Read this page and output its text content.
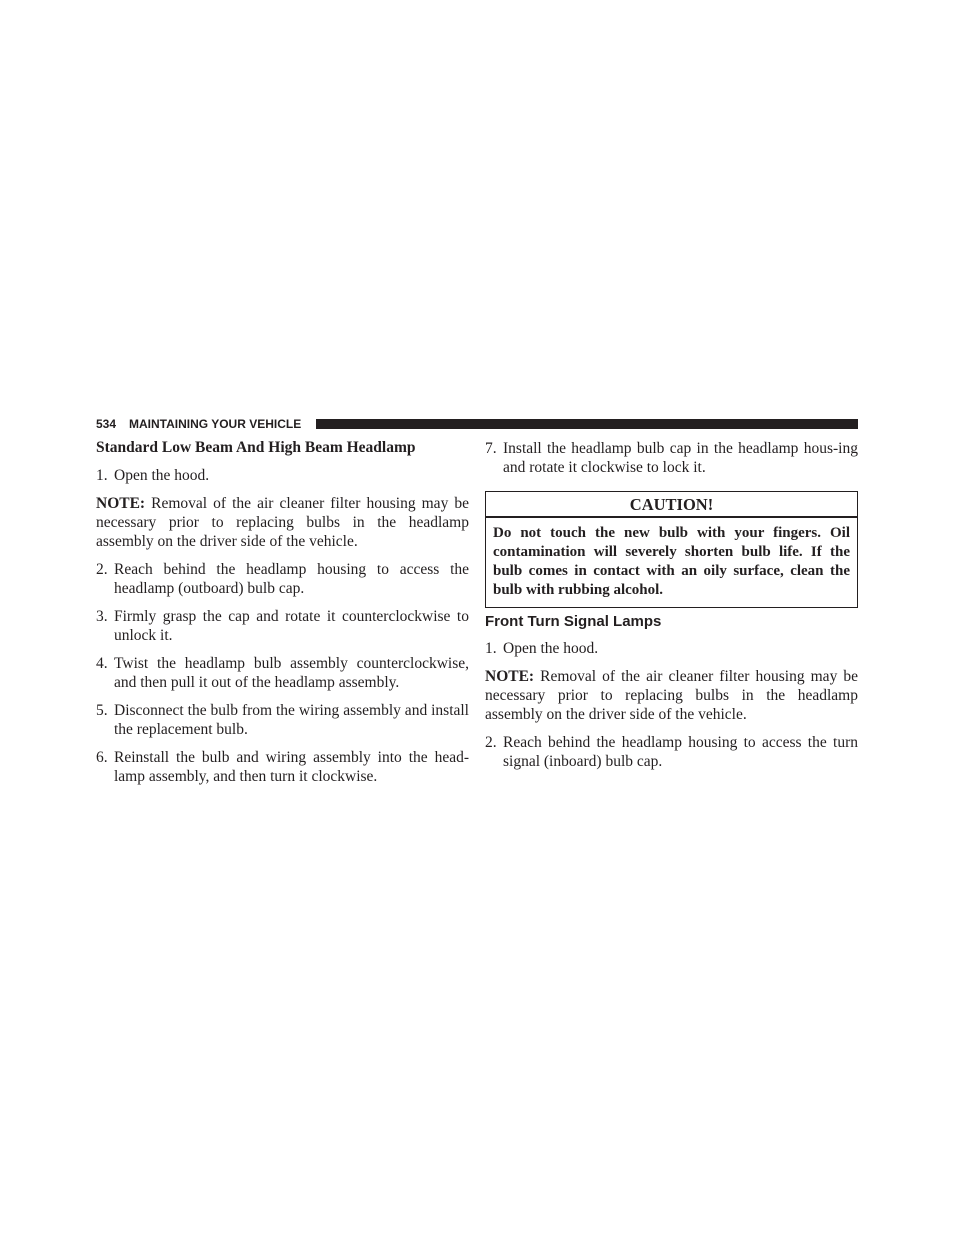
534 MAINTAINING YOUR VEHICLE

Standard Low Beam And High Beam Headlamp

1. Open the hood.

NOTE: Removal of the air cleaner filter housing may be necessary prior to replacing bulbs in the headlamp assembly on the driver side of the vehicle.

2. Reach behind the headlamp housing to access the headlamp (outboard) bulb cap.

3. Firmly grasp the cap and rotate it counterclockwise to unlock it.

4. Twist the headlamp bulb assembly counterclockwise, and then pull it out of the headlamp assembly.

5. Disconnect the bulb from the wiring assembly and install the replacement bulb.

6. Reinstall the bulb and wiring assembly into the head-lamp assembly, and then turn it clockwise.

7. Install the headlamp bulb cap in the headlamp hous-ing and rotate it clockwise to lock it.

CAUTION!
Do not touch the new bulb with your fingers. Oil contamination will severely shorten bulb life. If the bulb comes in contact with an oily surface, clean the bulb with rubbing alcohol.

Front Turn Signal Lamps

1. Open the hood.

NOTE: Removal of the air cleaner filter housing may be necessary prior to replacing bulbs in the headlamp assembly on the driver side of the vehicle.

2. Reach behind the headlamp housing to access the turn signal (inboard) bulb cap.
